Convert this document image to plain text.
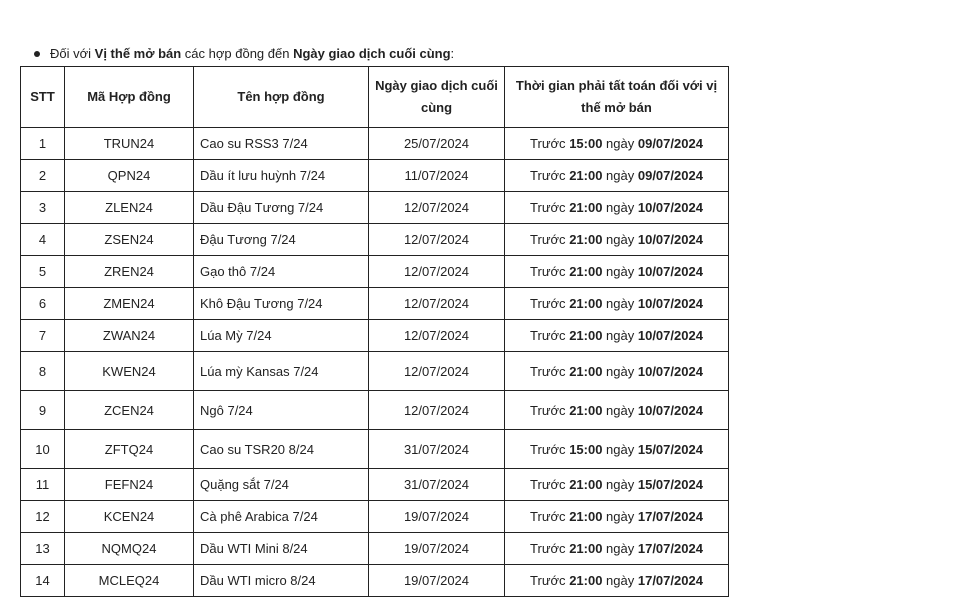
Đối với Vị thế mở bán các hợp đồng đến Ngày giao dịch cuối cùng:
STT	Mã Hợp đồng	Tên hợp đồng	Ngày giao dịch cuối cùng	Thời gian phải tất toán đối với vị thế mở bán
1	TRUN24	Cao su RSS3 7/24	25/07/2024	Trước 15:00 ngày 09/07/2024
2	QPN24	Dầu ít lưu huỳnh 7/24	11/07/2024	Trước 21:00 ngày 09/07/2024
3	ZLEN24	Dầu Đậu Tương 7/24	12/07/2024	Trước 21:00 ngày 10/07/2024
4	ZSEN24	Đậu Tương 7/24	12/07/2024	Trước 21:00 ngày 10/07/2024
5	ZREN24	Gạo thô 7/24	12/07/2024	Trước 21:00 ngày 10/07/2024
6	ZMEN24	Khô Đậu Tương 7/24	12/07/2024	Trước 21:00 ngày 10/07/2024
7	ZWAN24	Lúa Mỳ 7/24	12/07/2024	Trước 21:00 ngày 10/07/2024
8	KWEN24	Lúa mỳ Kansas 7/24	12/07/2024	Trước 21:00 ngày 10/07/2024
9	ZCEN24	Ngô 7/24	12/07/2024	Trước 21:00 ngày 10/07/2024
10	ZFTQ24	Cao su TSR20 8/24	31/07/2024	Trước 15:00 ngày 15/07/2024
11	FEFN24	Quặng sắt 7/24	31/07/2024	Trước 21:00 ngày 15/07/2024
12	KCEN24	Cà phê Arabica 7/24	19/07/2024	Trước 21:00 ngày 17/07/2024
13	NQMQ24	Dầu WTI Mini 8/24	19/07/2024	Trước 21:00 ngày 17/07/2024
14	MCLEQ24	Dầu WTI micro 8/24	19/07/2024	Trước 21:00 ngày 17/07/2024
